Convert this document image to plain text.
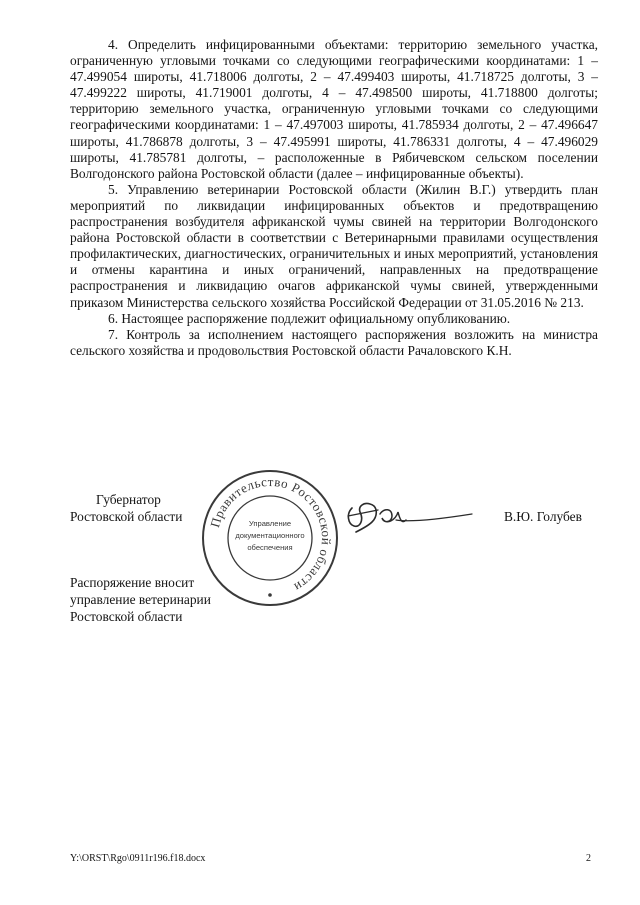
4. Определить инфицированными объектами: территорию земельного участка, ограниченную угловыми точками со следующими географическими координатами: 1 – 47.499054 широты, 41.718006 долготы, 2 – 47.499403 широты, 41.718725 долготы, 3 – 47.499222 широты, 41.719001 долготы, 4 – 47.498500 широты, 41.718800 долготы; территорию земельного участка, ограниченную угловыми точками со следующими географическими координатами: 1 – 47.497003 широты, 41.785934 долготы, 2 – 47.496647 широты, 41.786878 долготы, 3 – 47.495991 широты, 41.786331 долготы, 4 – 47.496029 широты, 41.785781 долготы, – расположенные в Рябичевском сельском поселении Волгодонского района Ростовской области (далее – инфицированные объекты).

5. Управлению ветеринарии Ростовской области (Жилин В.Г.) утвердить план мероприятий по ликвидации инфицированных объектов и предотвращению распространения возбудителя африканской чумы свиней на территории Волгодонского района Ростовской области в соответствии с Ветеринарными правилами осуществления профилактических, диагностических, ограничительных и иных мероприятий, установления и отмены карантина и иных ограничений, направленных на предотвращение распространения и ликвидацию очагов африканской чумы свиней, утвержденными приказом Министерства сельского хозяйства Российской Федерации от 31.05.2016 № 213.

6. Настоящее распоряжение подлежит официальному опубликованию.

7. Контроль за исполнением настоящего распоряжения возложить на министра сельского хозяйства и продовольствия Ростовской области Рачаловского К.Н.

Губернатор
Ростовской области	Правительство Ростовской области
Управление
документационного
обеспечения
В.Ю. Голубев
Распоряжение вносит
управление ветеринарии
Ростовской области
Y:\ORST\Rgo\0911r196.f18.docx	2
